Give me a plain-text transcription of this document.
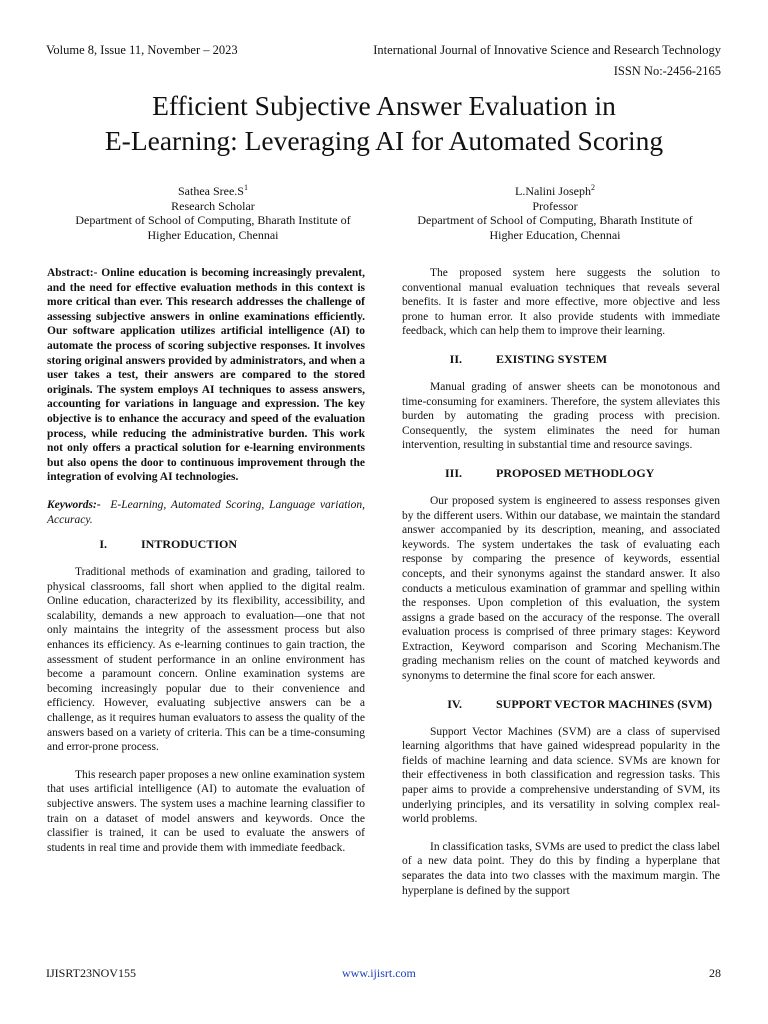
Volume 8, Issue 11, November – 2023	International Journal of Innovative Science and Research Technology
ISSN No:-2456-2165
Efficient Subjective Answer Evaluation in
E-Learning: Leveraging AI for Automated Scoring
Sathea $Sree.S^1$
Research Scholar
Department of School of Computing, Bharath Institute of
Higher Education, Chennai
L.Nalini Joseph$^2$
Professor
Department of School of Computing, Bharath Institute of
Higher Education, Chennai

Abstract:- Online education is becoming increasingly prevalent, and the need for effective evaluation methods in this context is more critical than ever. This research addresses the challenge of assessing subjective answers in online examinations efficiently. Our software application utilizes artificial intelligence (AI) to automate the process of scoring subjective responses. It involves storing original answers provided by administrators, and when a user takes a test, their answers are compared to the stored originals. The system employs AI techniques to assess answers, accounting for variations in language and expression. The key objective is to enhance the accuracy and speed of the evaluation process, while reducing the administrative burden. This work not only offers a practical solution for e-learning environments but also opens the door to continuous improvement through the integration of evolving AI technologies.

Keywords:- E-Learning, Automated Scoring, Language variation, Accuracy.

I.	INTRODUCTION

Traditional methods of examination and grading, tailored to physical classrooms, fall short when applied to the digital realm. Online education, characterized by its flexibility, accessibility, and scalability, demands a new approach to evaluation—one that not only maintains the integrity of the assessment process but also enhances its efficiency. As e-learning continues to gain traction, the assessment of student performance in an online environment has become a paramount concern. Online examination systems are becoming increasingly popular due to their convenience and efficiency. However, evaluating subjective answers can be a challenge, as it requires human evaluators to assess the quality of the answers based on a variety of criteria. This can be a time-consuming and error-prone process.

This research paper proposes a new online examination system that uses artificial intelligence (AI) to automate the evaluation of subjective answers. The system uses a machine learning classifier to train on a dataset of model answers and keywords. Once the classifier is trained, it can be used to evaluate the answers of students in real time and provide them with immediate feedback.

The proposed system here suggests the solution to conventional manual evaluation techniques that reveals several benefits. It is faster and more effective, more objective and less prone to human error. It also provide students with immediate feedback, which can help them to improve their learning.

II.	EXISTING SYSTEM

Manual grading of answer sheets can be monotonous and time-consuming for examiners. Therefore, the system alleviates this burden by automating the grading process with precision. Consequently, the system eliminates the need for human intervention, resulting in substantial time and resource savings.

III.	PROPOSED METHODLOGY

Our proposed system is engineered to assess responses given by the different users. Within our database, we maintain the standard answer accompanied by its description, meaning, and associated keywords. The system undertakes the task of evaluating each response by comparing the presence of keywords, essential concepts, and their synonyms against the standard answer. It also conducts a meticulous examination of grammar and spelling within the responses. Upon completion of this evaluation, the system assigns a grade based on the accuracy of the response. The overall evaluation process is comprised of three primary stages: Keyword Extraction, Keyword comparison and Scoring Mechanism.The grading mechanism relies on the count of matched keywords and synonyms to determine the final score for each answer.

IV.	SUPPORT VECTOR MACHINES (SVM)

Support Vector Machines (SVM) are a class of supervised learning algorithms that have gained widespread popularity in the fields of machine learning and data science. SVMs are known for their effectiveness in both classification and regression tasks. This paper aims to provide a comprehensive understanding of SVM, its underlying principles, and its versatility in solving complex real-world problems.

In classification tasks, SVMs are used to predict the class label of a new data point. They do this by finding a hyperplane that separates the data into two classes with the maximum margin. The hyperplane is defined by the support

IJISRT23NOV155	www.ijisrt.com	28
